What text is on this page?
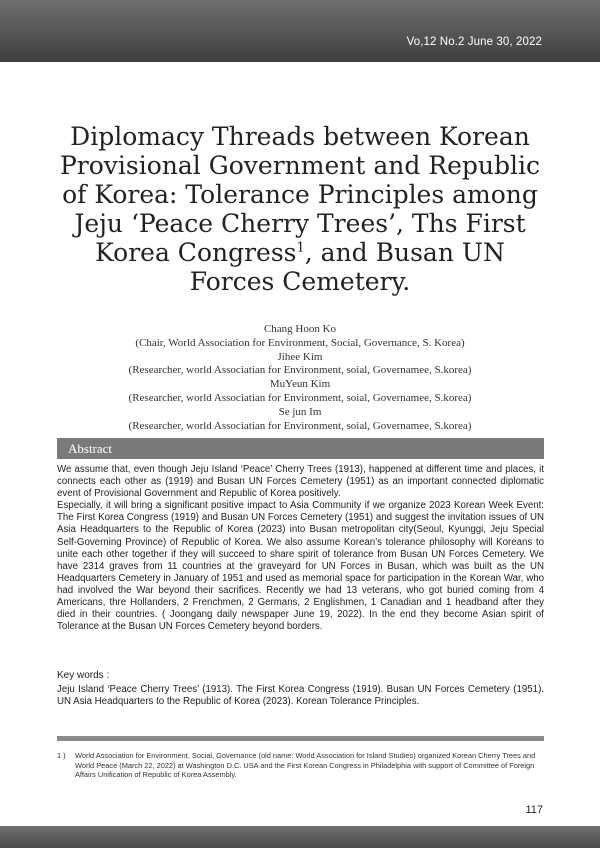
Vo,12 No.2 June 30, 2022
Diplomacy Threads between Korean Provisional Government and Republic of Korea: Tolerance Principles among Jeju ‘Peace Cherry Trees’, Ths First Korea Congress$^1$, and Busan UN Forces Cemetery.
Chang Hoon Ko
(Chair, World Association for Environment, Social, Governance, S. Korea)
Jihee Kim
(Researcher, world Associatian for Environment, soial, Governamee, S.korea)
MuYeun Kim
(Researcher, world Associatian for Environment, soial, Governamee, S.korea)
Se jun Im
(Researcher, world Associatian for Environment, soial, Governamee, S.korea)
Abstract

We assume that, even though Jeju Island ‘Peace’ Cherry Trees (1913), happened at different time and places, it connects each other as (1919) and Busan UN Forces Cemetery (1951) as an important connected diplomatic event of Provisional Government and Republic of Korea positively.

Especially, it will bring a significant positive impact to Asia Community if we organize 2023 Korean Week Event: The First Korea Congress (1919) and Busan UN Forces Cemetery (1951) and suggest the invitation issues of UN Asia Headquarters to the Republic of Korea (2023) into Busan metropolitan city(Seoul, Kyunggi, Jeju Special Self-Governing Province) of Republic of Korea. We also assume Korean’s tolerance philosophy will Koreans to unite each other together if they will succeed to share spirit of tolerance from Busan UN Forces Cemetery. We have 2314 graves from 11 countries at the graveyard for UN Forces in Busan, which was built as the UN Headquarters Cemetery in January of 1951 and used as memorial space for participation in the Korean War, who had involved the War beyond their sacrifices. Recently we had 13 veterans, who got buried coming from 4 Americans, thre Hollanders, 2 Frenchmen, 2 Germans, 2 Englishmen, 1 Canadian and 1 headband after they died in their countries. ( Joongang daily newspaper June 19, 2022). In the end they become Asian spirit of Tolerance at the Busan UN Forces Cemetery beyond borders.

Key words :
Jeju Island ‘Peace Cherry Trees’ (1913). The First Korea Congress (1919). Busan UN Forces Cemetery (1951). UN Asia Headquarters to the Republic of Korea (2023). Korean Tolerance Principles.
1 )	World Association for Environment, Social, Governance (old name: World Association for Island Studies) organized Korean Cherry Trees and World Peace (March 22, 2022) at Washington D.C. USA and the First Korean Congress in Philadelphia with support of Committee of Foreign Affairs Unification of Republic of Korea Assembly.
117
